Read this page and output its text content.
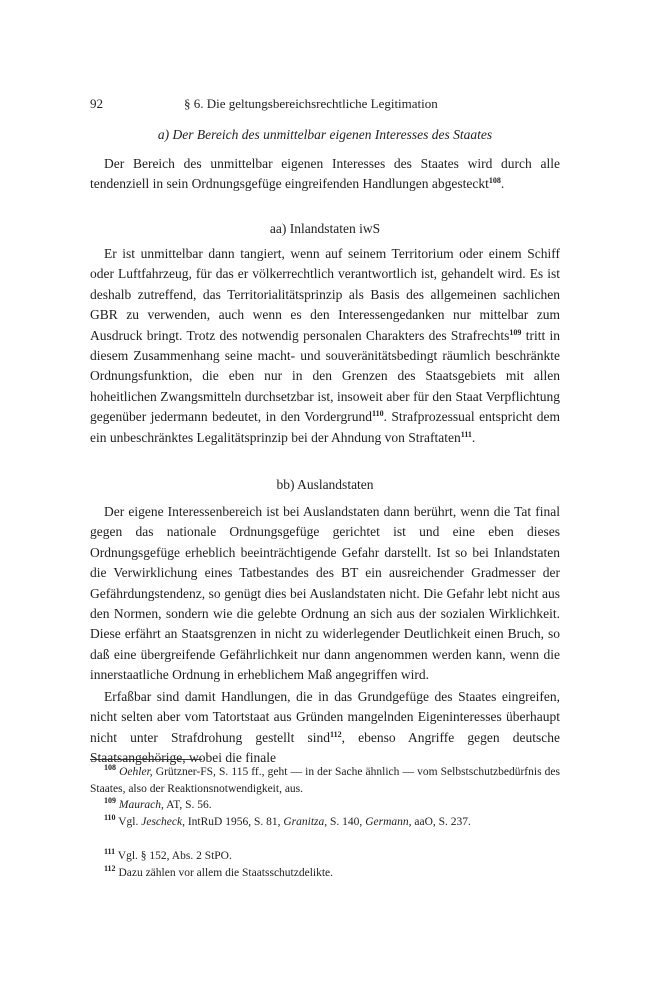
92	§ 6. Die geltungsbereichsrechtliche Legitimation
a) Der Bereich des unmittelbar eigenen Interesses des Staates

Der Bereich des unmittelbar eigenen Interesses des Staates wird durch alle tendenziell in sein Ordnungsgefüge eingreifenden Handlungen abgesteckt$^{108}$.

aa) Inlandstaten iwS

Er ist unmittelbar dann tangiert, wenn auf seinem Territorium oder einem Schiff oder Luftfahrzeug, für das er völkerrechtlich verantwortlich ist, gehandelt wird. Es ist deshalb zutreffend, das Territorialitätsprinzip als Basis des allgemeinen sachlichen GBR zu verwenden, auch wenn es den Interessengedanken nur mittelbar zum Ausdruck bringt. Trotz des notwendig personalen Charakters des Strafrechts$^{109}$ tritt in diesem Zusammenhang seine macht- und souveränitätsbedingt räumlich beschränkte Ordnungsfunktion, die eben nur in den Grenzen des Staatsgebiets mit allen hoheitlichen Zwangsmitteln durchsetzbar ist, insoweit aber für den Staat Verpflichtung gegenüber jedermann bedeutet, in den Vordergrund$^{110}$. Strafprozessual entspricht dem ein unbeschränktes Legalitätsprinzip bei der Ahndung von Straftaten$^{111}$.

bb) Auslandstaten

Der eigene Interessenbereich ist bei Auslandstaten dann berührt, wenn die Tat final gegen das nationale Ordnungsgefüge gerichtet ist und eine eben dieses Ordnungsgefüge erheblich beeinträchtigende Gefahr darstellt. Ist so bei Inlandstaten die Verwirklichung eines Tatbestandes des BT ein ausreichender Gradmesser der Gefährdungstendenz, so genügt dies bei Auslandstaten nicht. Die Gefahr lebt nicht aus den Normen, sondern wie die gelebte Ordnung an sich aus der sozialen Wirklichkeit. Diese erfährt an Staatsgrenzen in nicht zu widerlegender Deutlichkeit einen Bruch, so daß eine übergreifende Gefährlichkeit nur dann angenommen werden kann, wenn die innerstaatliche Ordnung in erheblichem Maß angegriffen wird.

Erfaßbar sind damit Handlungen, die in das Grundgefüge des Staates eingreifen, nicht selten aber vom Tatortstaat aus Gründen mangelnden Eigeninteresses überhaupt nicht unter Strafdrohung gestellt sind$^{112}$, ebenso Angriffe gegen deutsche Staatsangehörige, wobei die finale

$^{108}$ Oehler, Grützner-FS, S. 115 ff., geht — in der Sache ähnlich — vom Selbstschutzbedürfnis des Staates, also der Reaktionsnotwendigkeit, aus.

$^{109}$ Maurach, AT, S. 56.

$^{110}$ Vgl. Jescheck, IntRuD 1956, S. 81, Granitza, S. 140, Germann, aaO, S. 237.

$^{111}$ Vgl. § 152, Abs. 2 StPO.

$^{112}$ Dazu zählen vor allem die Staatsschutzdelikte.
